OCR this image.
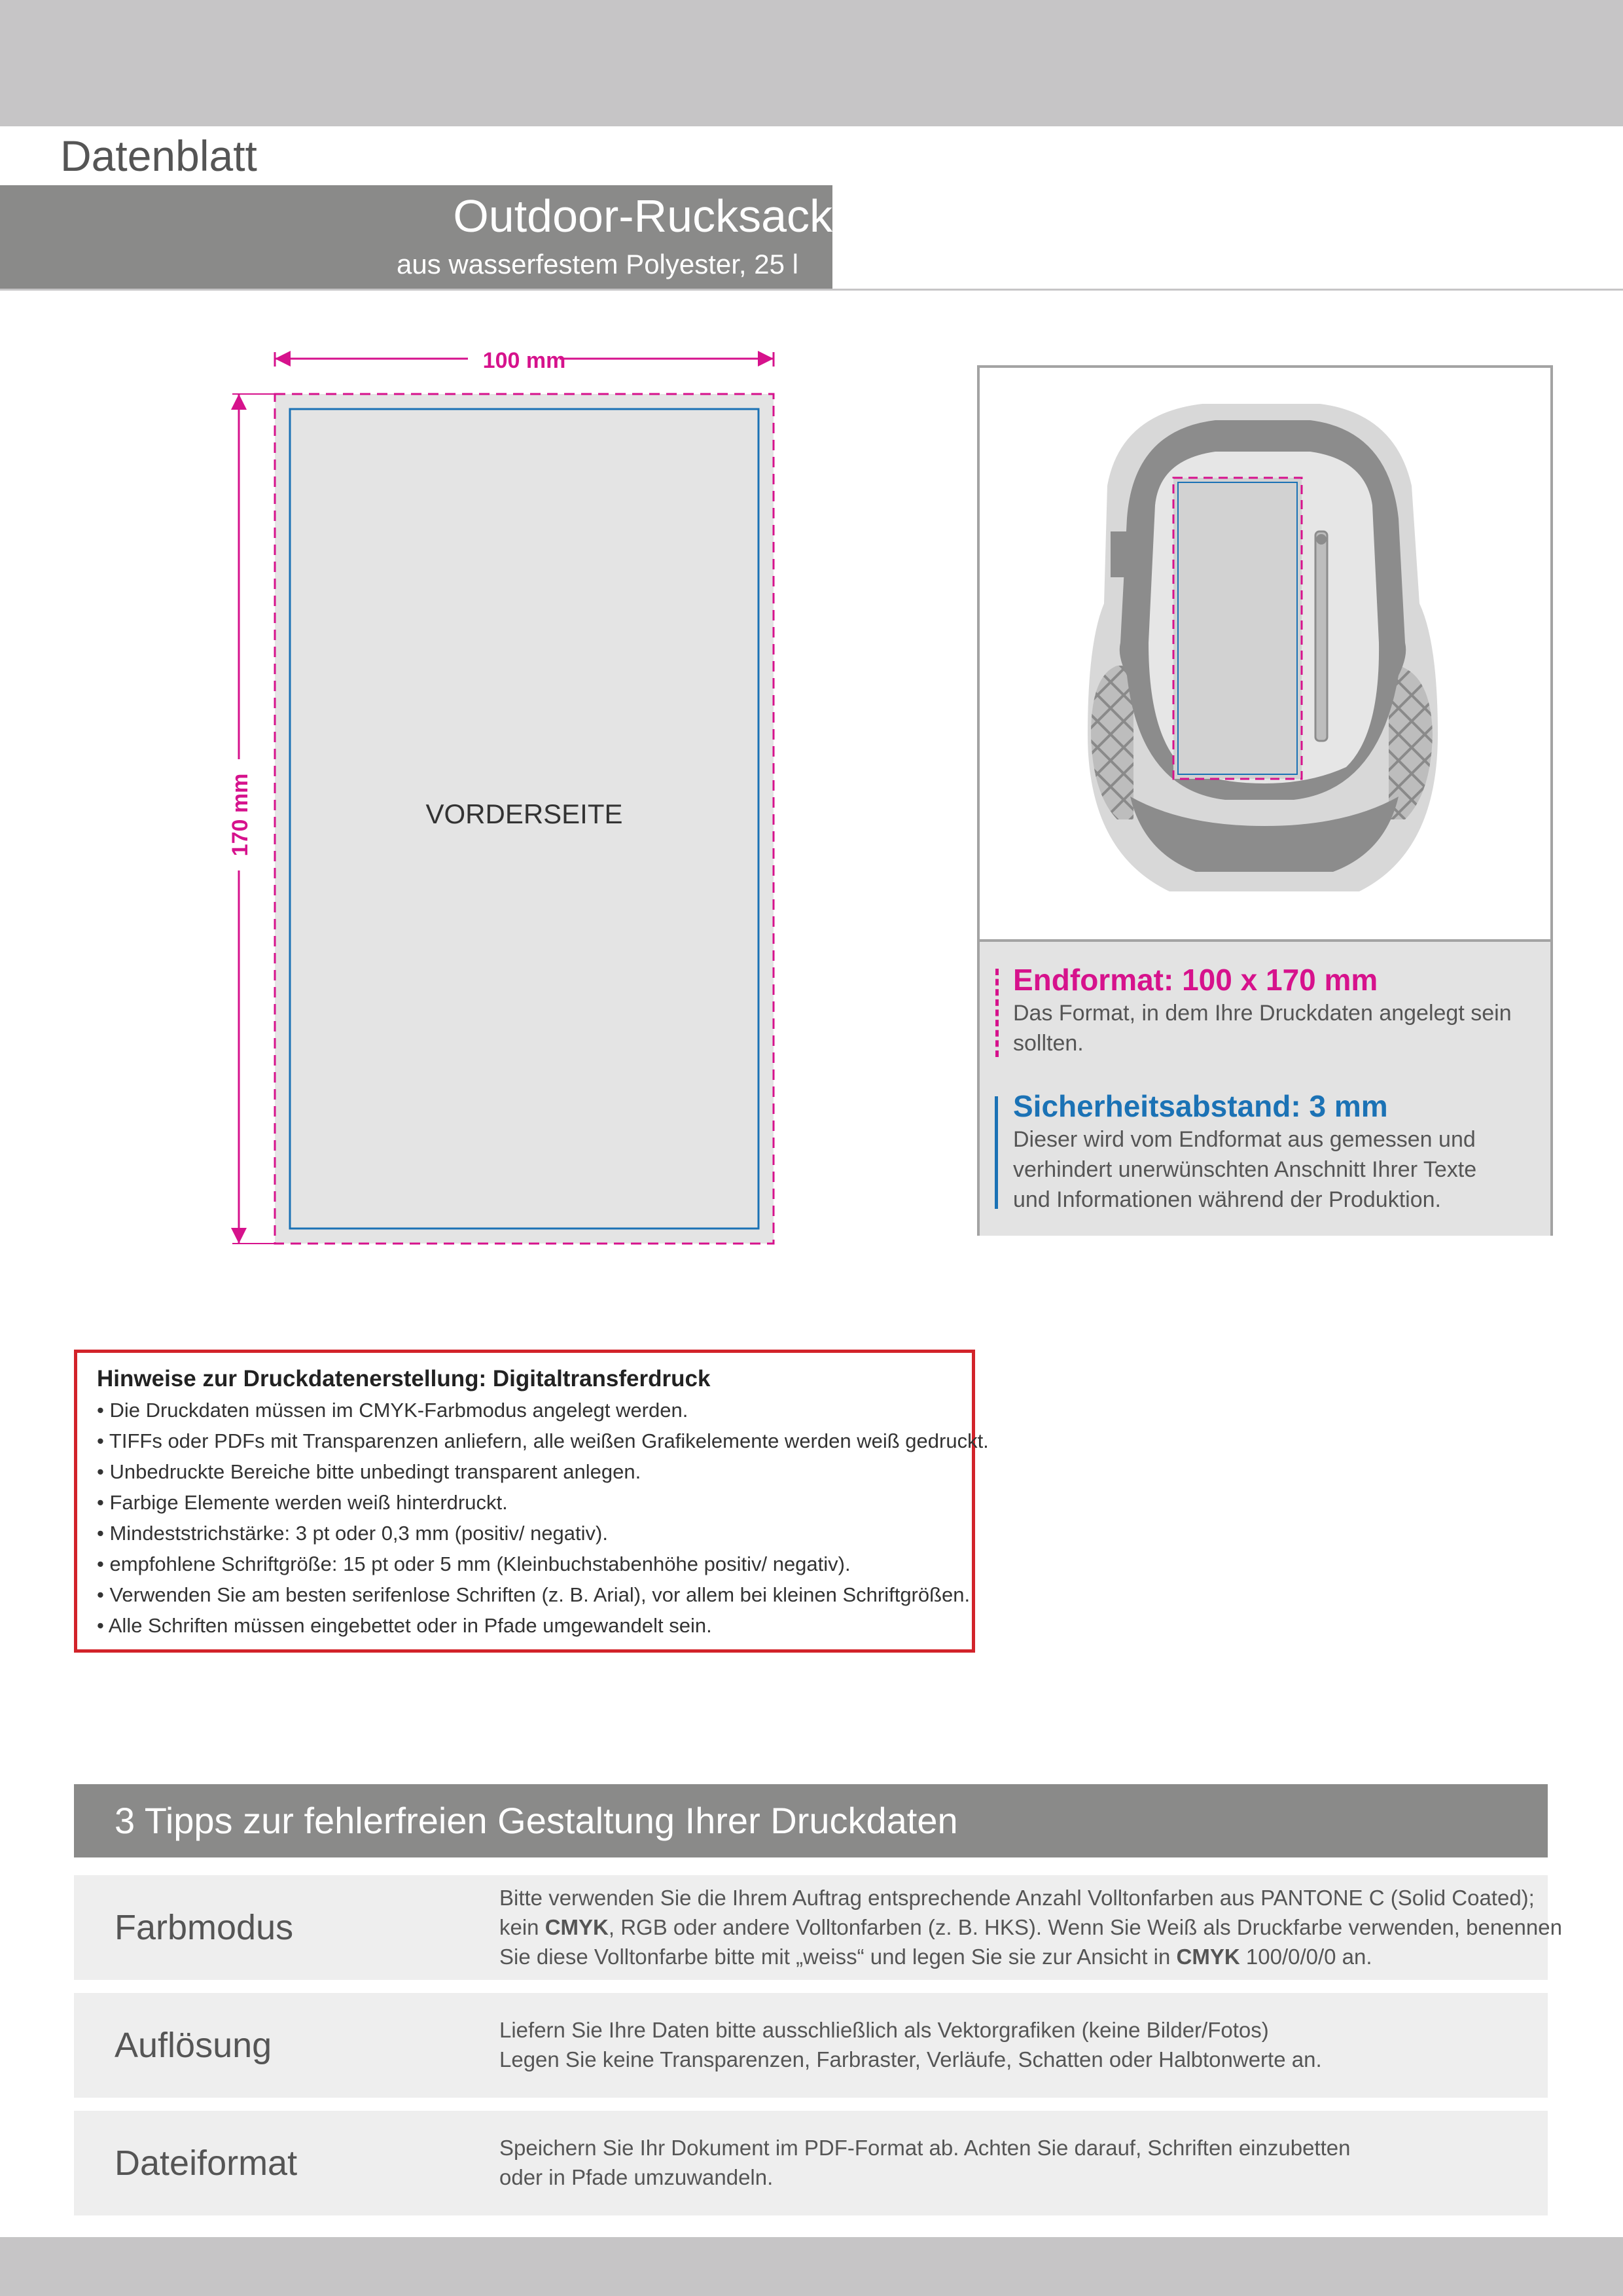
Datenblatt
Outdoor-Rucksack
aus wasserfestem Polyester, 25 l
100 mm
170 mm	VORDERSEITE
Endformat: 100 x 170 mm
Das Format, in dem Ihre Druckdaten angelegt sein
sollten.
Sicherheitsabstand: 3 mm
Dieser wird vom Endformat aus gemessen und
verhindert unerwünschten Anschnitt Ihrer Texte
und Informationen während der Produktion.
Hinweise zur Druckdatenerstellung: Digitaltransferdruck
• Die Druckdaten müssen im CMYK-Farbmodus angelegt werden.
• TIFFs oder PDFs mit Transparenzen anliefern, alle weißen Grafikelemente werden weiß gedruckt.
• Unbedruckte Bereiche bitte unbedingt transparent anlegen.
• Farbige Elemente werden weiß hinterdruckt.
• Mindeststrichstärke: 3 pt oder 0,3 mm (positiv/ negativ).
• empfohlene Schriftgröße: 15 pt oder 5 mm (Kleinbuchstabenhöhe positiv/ negativ).
• Verwenden Sie am besten serifenlose Schriften (z. B. Arial), vor allem bei kleinen Schriftgrößen.
• Alle Schriften müssen eingebettet oder in Pfade umgewandelt sein.
3 Tipps zur fehlerfreien Gestaltung Ihrer Druckdaten
Farbmodus
Bitte verwenden Sie die Ihrem Auftrag entsprechende Anzahl Volltonfarben aus PANTONE C (Solid Coated);
kein CMYK, RGB oder andere Volltonfarben (z. B. HKS). Wenn Sie Weiß als Druckfarbe verwenden, benennen
Sie diese Volltonfarbe bitte mit „weiss“ und legen Sie sie zur Ansicht in CMYK 100/0/0/0 an.
Auflösung	Liefern Sie Ihre Daten bitte ausschließlich als Vektorgrafiken (keine Bilder/Fotos)
Legen Sie keine Transparenzen, Farbraster, Verläufe, Schatten oder Halbtonwerte an.
Dateiformat	Speichern Sie Ihr Dokument im PDF-Format ab. Achten Sie darauf, Schriften einzubetten
oder in Pfade umzuwandeln.
